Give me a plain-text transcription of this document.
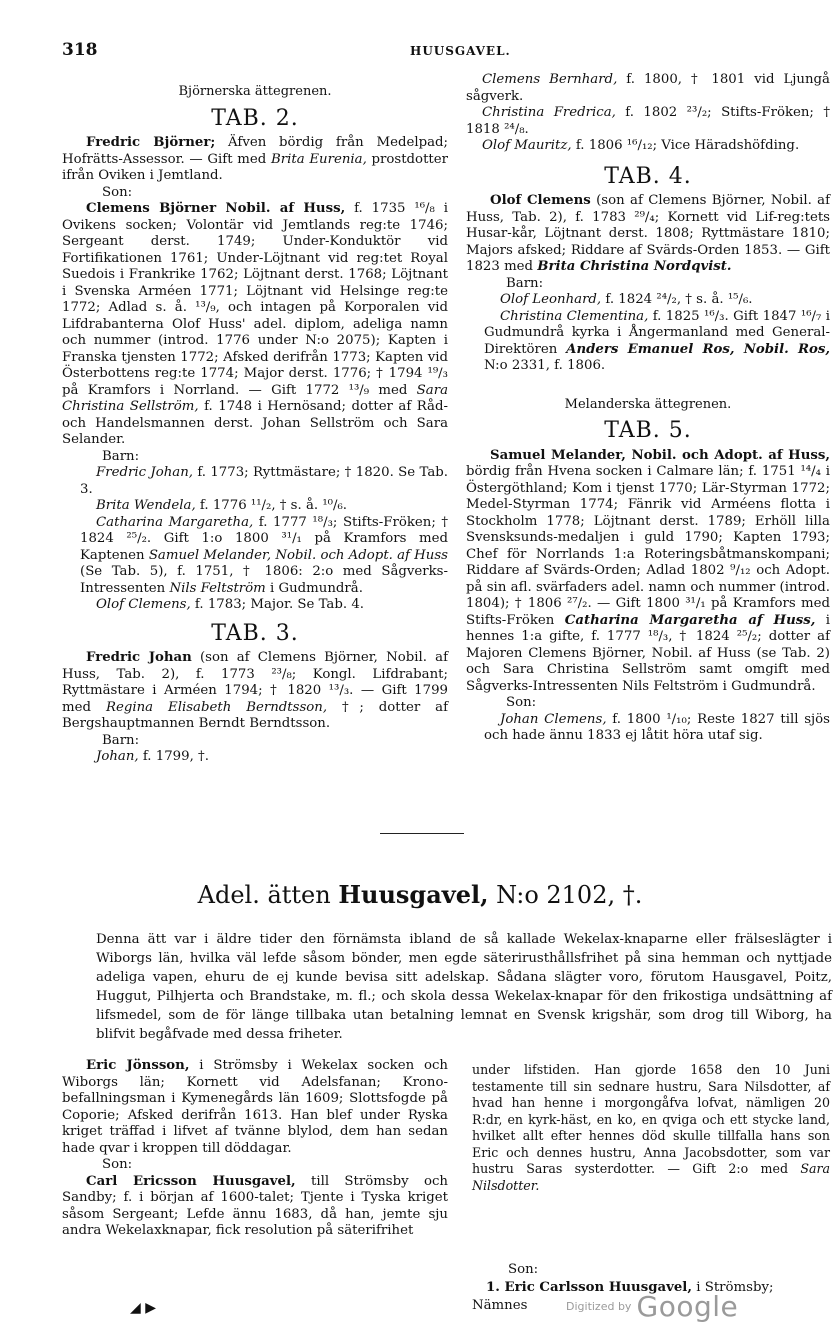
318	HUUSGAVEL.
Björnerska ättegrenen.
TAB. 2.

Fredric Björner; Äfven bördig från Medelpad; Hofrätts-Assessor. — Gift med Brita Eurenia, prostdotter ifrån Oviken i Jemtland.

Son:

Clemens Björner Nobil. af Huss, f. 1735 ¹⁶/₈ i Ovikens socken; Volontär vid Jemtlands reg:te 1746; Sergeant derst. 1749; Under-Konduktör vid Fortifikationen 1761; Under-Löjtnant vid reg:tet Royal Suedois i Frankrike 1762; Löjtnant derst. 1768; Löjtnant i Svenska Arméen 1771; Löjtnant vid Helsinge reg:te 1772; Adlad s. å. ¹³/₉, och intagen på Korporalen vid Lifdrabanterna Olof Huss' adel. diplom, adeliga namn och nummer (introd. 1776 under N:o 2075); Kapten i Franska tjensten 1772; Afsked derifrån 1773; Kapten vid Österbottens reg:te 1774; Major derst. 1776; † 1794 ¹⁹/₃ på Kramfors i Norrland. — Gift 1772 ¹³/₉ med Sara Christina Sellström, f. 1748 i Hernösand; dotter af Råd- och Handelsmannen derst. Johan Sellström och Sara Selander.

Barn:

Fredric Johan, f. 1773; Ryttmästare; † 1820. Se Tab. 3.

Brita Wendela, f. 1776 ¹¹/₂, † s. å. ¹⁰/₆.

Catharina Margaretha, f. 1777 ¹⁸/₃; Stifts-Fröken; † 1824 ²⁵/₂. Gift 1:o 1800 ³¹/₁ på Kramfors med Kaptenen Samuel Melander, Nobil. och Adopt. af Huss (Se Tab. 5), f. 1751, † 1806: 2:o med Sågverks-Intressenten Nils Feltström i Gudmundrå.

Olof Clemens, f. 1783; Major. Se Tab. 4.

TAB. 3.

Fredric Johan (son af Clemens Björner, Nobil. af Huss, Tab. 2), f. 1773 ²³/₈; Kongl. Lifdrabant; Ryttmästare i Arméen 1794; † 1820 ¹³/₃. — Gift 1799 med Regina Elisabeth Berndtsson, †; dotter af Bergshauptmannen Berndt Berndtsson.

Barn:

Johan, f. 1799, †.

Clemens Bernhard, f. 1800, † 1801 vid Ljungå sågverk.

Christina Fredrica, f. 1802 ²³/₂; Stifts-Fröken; † 1818 ²⁴/₈.

Olof Mauritz, f. 1806 ¹⁶/₁₂; Vice Häradshöfding.

TAB. 4.

Olof Clemens (son af Clemens Björner, Nobil. af Huss, Tab. 2), f. 1783 ²⁹/₄; Kornett vid Lif-reg:tets Husar-kår, Löjtnant derst. 1808; Ryttmästare 1810; Majors afsked; Riddare af Svärds-Orden 1853. — Gift 1823 med Brita Christina Nordqvist.

Barn:

Olof Leonhard, f. 1824 ²⁴/₂, † s. å. ¹⁵/₆.

Christina Clementina, f. 1825 ¹⁶/₃. Gift 1847 ¹⁶/₇ i Gudmundrå kyrka i Ångermanland med General-Direktören Anders Emanuel Ros, Nobil. Ros, N:o 2331, f. 1806.

Melanderska ättegrenen.
TAB. 5.

Samuel Melander, Nobil. och Adopt. af Huss, bördig från Hvena socken i Calmare län; f. 1751 ¹⁴/₄ i Östergöthland; Kom i tjenst 1770; Lär-Styrman 1772; Medel-Styrman 1774; Fänrik vid Arméens flotta i Stockholm 1778; Löjtnant derst. 1789; Erhöll lilla Svensksunds-medaljen i guld 1790; Kapten 1793; Chef för Norrlands 1:a Roteringsbåtmanskompani; Riddare af Svärds-Orden; Adlad 1802 ⁹/₁₂ och Adopt. på sin afl. svärfaders adel. namn och nummer (introd. 1804); † 1806 ²⁷/₂. — Gift 1800 ³¹/₁ på Kramfors med Stifts-Fröken Catharina Margaretha af Huss, i hennes 1:a gifte, f. 1777 ¹⁸/₃, † 1824 ²⁵/₂; dotter af Majoren Clemens Björner, Nobil. af Huss (se Tab. 2) och Sara Christina Sellström samt omgift med Sågverks-Intressenten Nils Feltström i Gudmundrå.

Son:

Johan Clemens, f. 1800 ¹/₁₀; Reste 1827 till sjös och hade ännu 1833 ej låtit höra utaf sig.

Adel. ätten Huusgavel, N:o 2102, †.
Denna ätt var i äldre tider den förnämsta ibland de så kallade Wekelax-knaparne eller frälseslägter i Wiborgs län, hvilka väl lefde såsom bönder, men egde säterirusthållsfrihet på sina hemman och nyttjade adeliga vapen, ehuru de ej kunde bevisa sitt adelskap. Sådana slägter voro, förutom Hausgavel, Poitz, Huggut, Pilhjerta och Brandstake, m. fl.; och skola dessa Wekelax-knapar för den frikostiga undsättning af lifsmedel, som de för länge tillbaka utan betalning lemnat en Svensk krigshär, som drog till Wiborg, ha blifvit begåfvade med dessa friheter.

Eric Jönsson, i Strömsby i Wekelax socken och Wiborgs län; Kornett vid Adelsfanan; Krono-befallningsman i Kymenegårds län 1609; Slottsfogde på Coporie; Afsked derifrån 1613. Han blef under Ryska kriget träffad i lifvet af tvänne blylod, dem han sedan hade qvar i kroppen till döddagar.

Son:

Carl Ericsson Huusgavel, till Strömsby och Sandby; f. i början af 1600-talet; Tjente i Tyska kriget såsom Sergeant; Lefde ännu 1683, då han, jemte sju andra Wekelaxknapar, fick resolution på säterifrihet

under lifstiden. Han gjorde 1658 den 10 Juni testamente till sin sednare hustru, Sara Nilsdotter, af hvad han henne i morgongåfva lofvat, nämligen 20 R:dr, en kyrk-häst, en ko, en qviga och ett stycke land, hvilket allt efter hennes död skulle tillfalla hans son Eric och dennes hustru, Anna Jacobsdotter, som var hustru Saras systerdotter. — Gift 2:o med Sara Nilsdotter.

Son:

1. Eric Carlsson Huusgavel, i Strömsby; Nämnes

◢ ▶	Digitized by Google
